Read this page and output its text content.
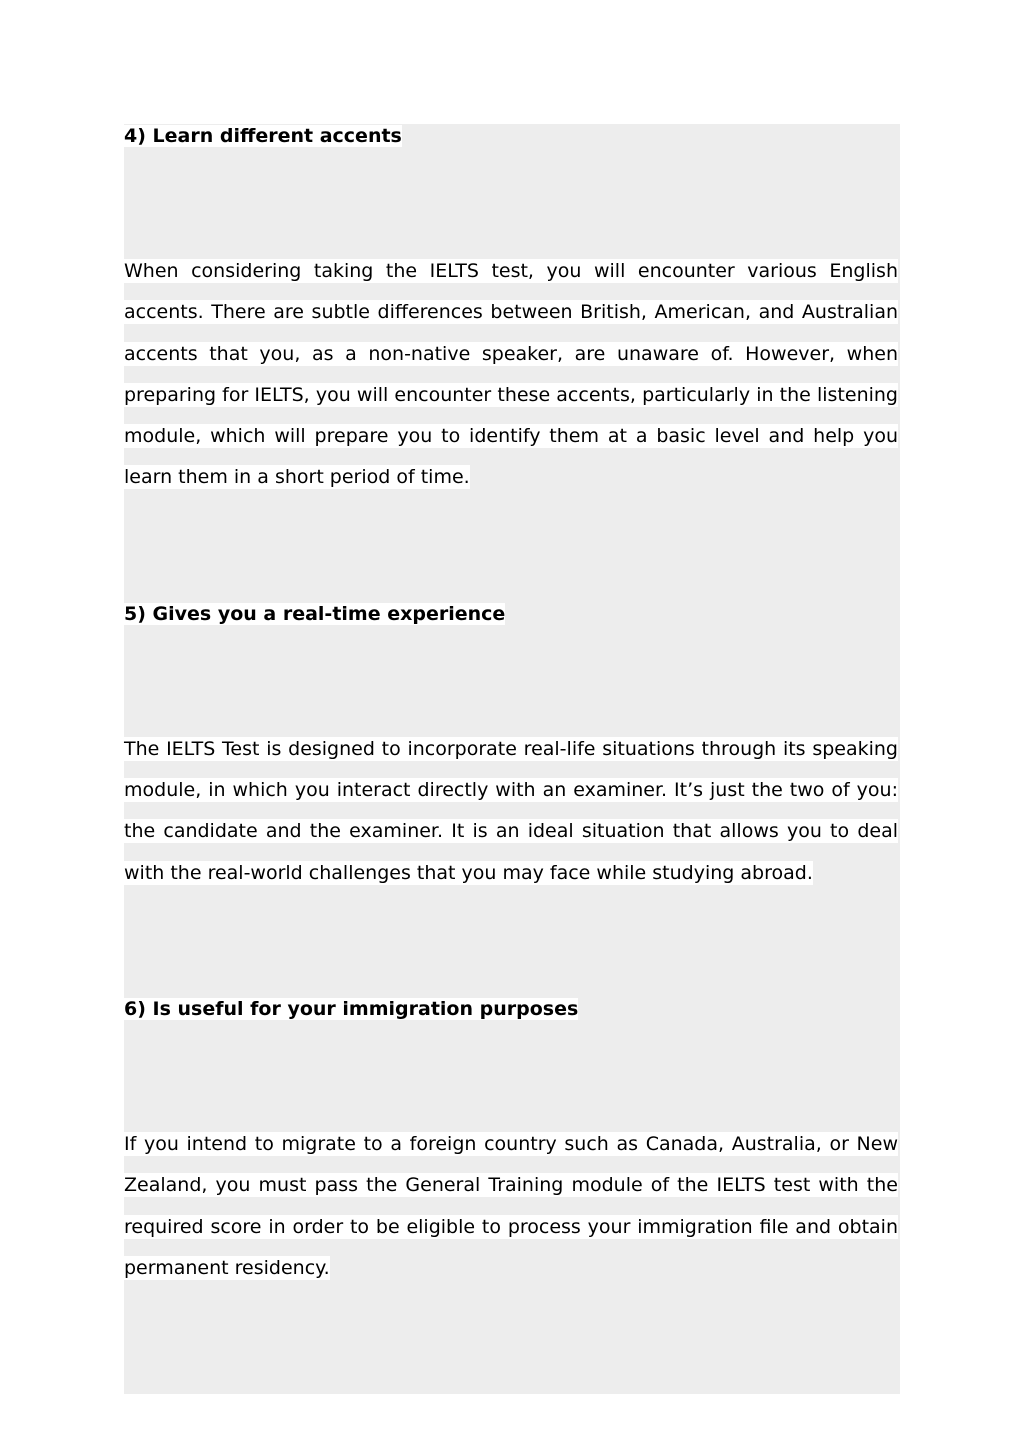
4) Learn different accents

When considering taking the IELTS test, you will encounter various English accents. There are subtle differences between British, American, and Australian accents that you, as a non-native speaker, are unaware of. However, when preparing for IELTS, you will encounter these accents, particularly in the listening module, which will prepare you to identify them at a basic level and help you learn them in a short period of time.

5) Gives you a real-time experience

The IELTS Test is designed to incorporate real-life situations through its speaking module, in which you interact directly with an examiner. It’s just the two of you: the candidate and the examiner. It is an ideal situation that allows you to deal with the real-world challenges that you may face while studying abroad.

6) Is useful for your immigration purposes

If you intend to migrate to a foreign country such as Canada, Australia, or New Zealand, you must pass the General Training module of the IELTS test with the required score in order to be eligible to process your immigration file and obtain permanent residency.
